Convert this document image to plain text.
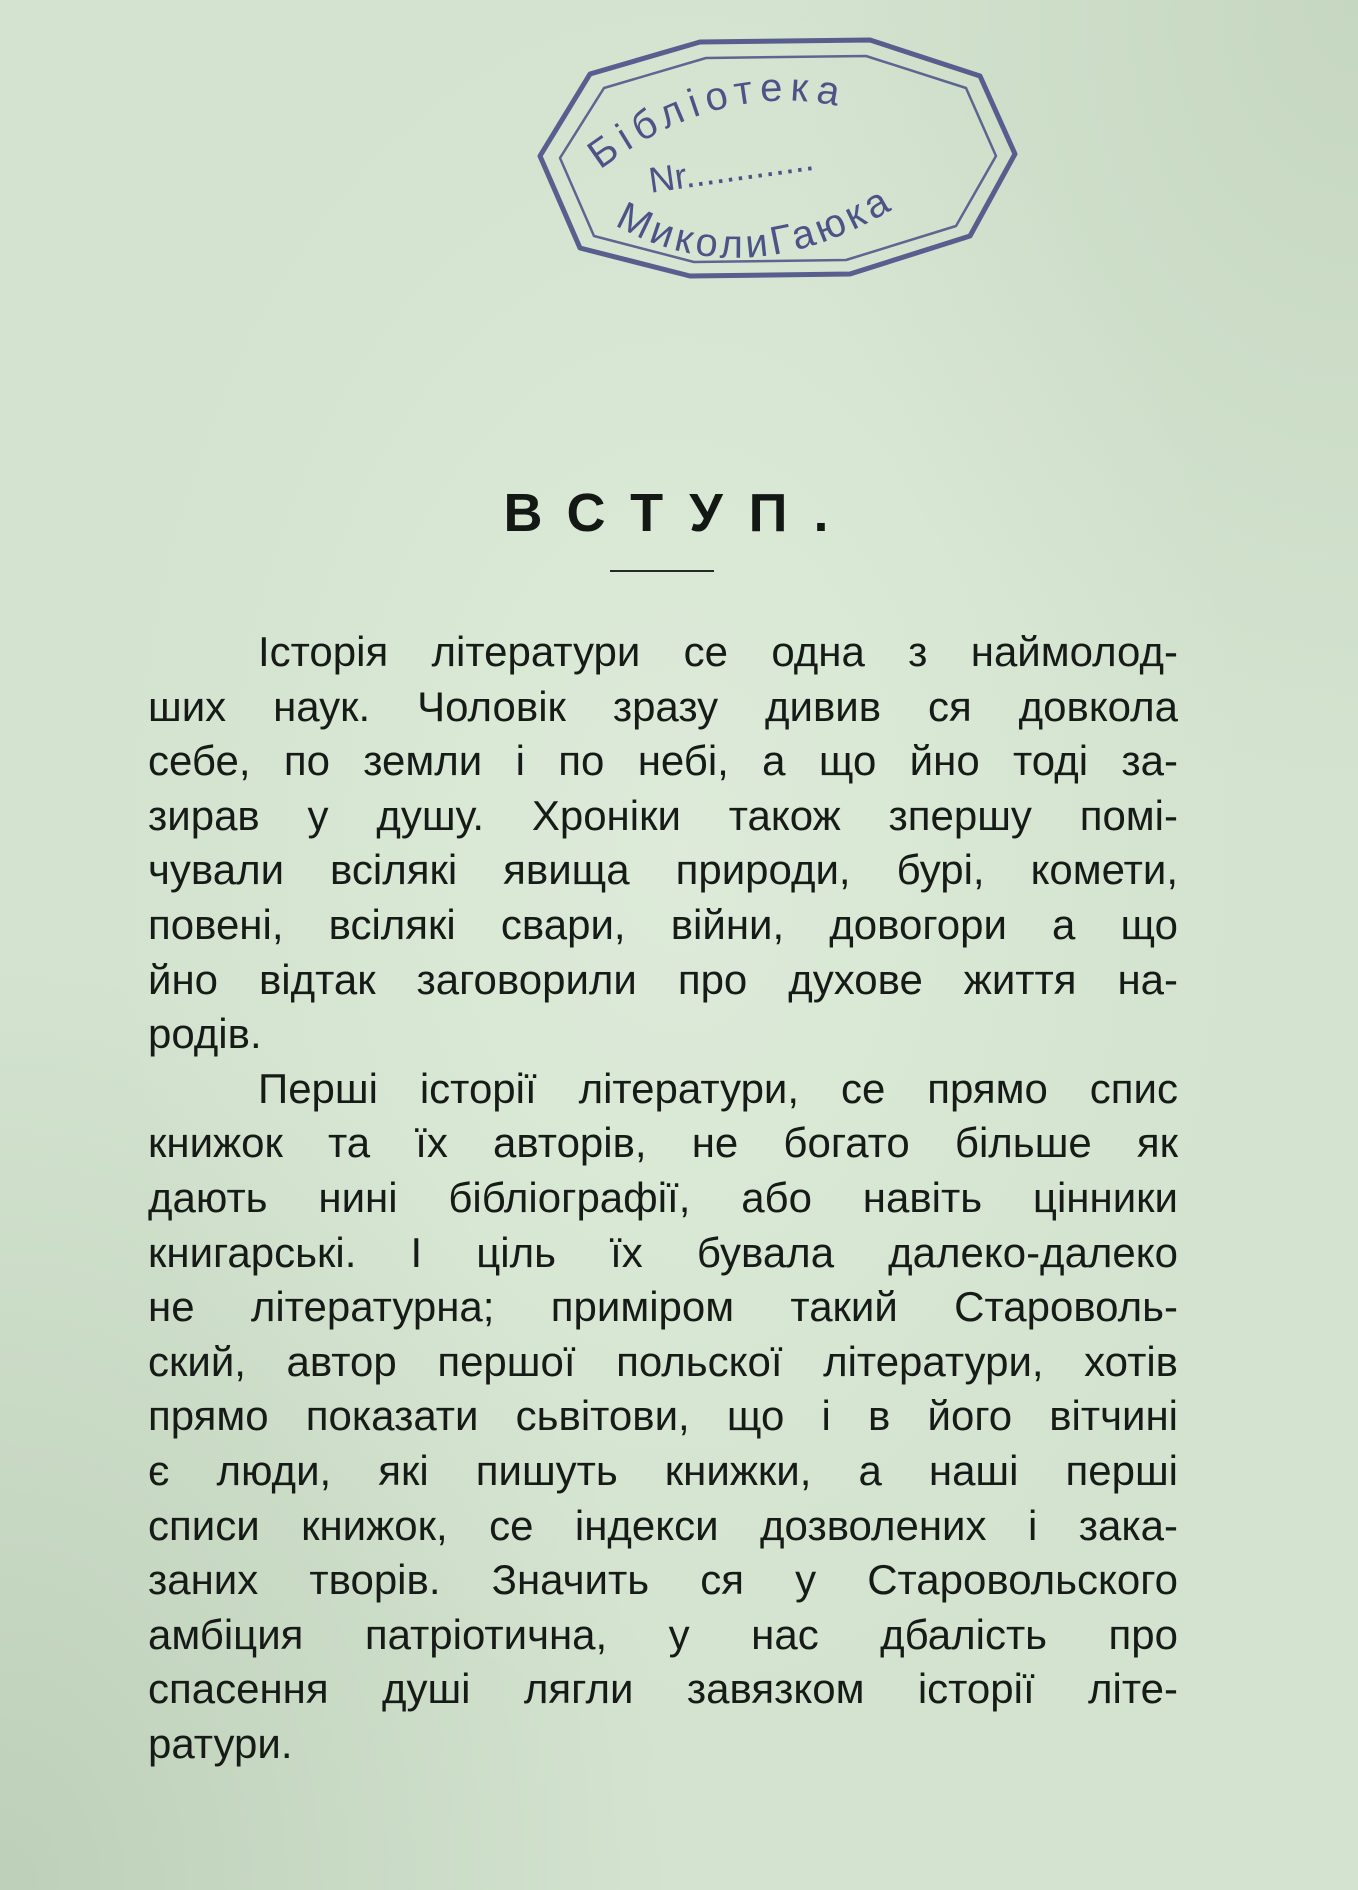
Бібліотека
Nr.............
МиколиГаюка
ВСТУП.
Історія літератури се одна з наймолод-
ших наук. Чоловік зразу дивив ся довкола
себе, по земли і по небі, а що йно тоді за-
зирав у душу. Хроніки також зпершу помі-
чували всілякі явища природи, бурі, комети,
повені, всілякі свари, війни, довогори а що
йно відтак заговорили про духове життя на-
родів.
Перші історії літератури, се прямо спис
книжок та їх авторів, не богато більше як
дають нині бібліографії, або навіть цінники
книгарські. І ціль їх бувала далеко-далеко
не літературна; приміром такий Староволь-
ский, автор першої польскої літератури, хотів
прямо показати сьвітови, що і в його вітчині
є люди, які пишуть книжки, а наші перші
списи книжок, се індекси дозволених і зака-
заних творів. Значить ся у Старовольского
амбіция патріотична, у нас дбалість про
спасення душі лягли завязком історії літе-
ратури.
